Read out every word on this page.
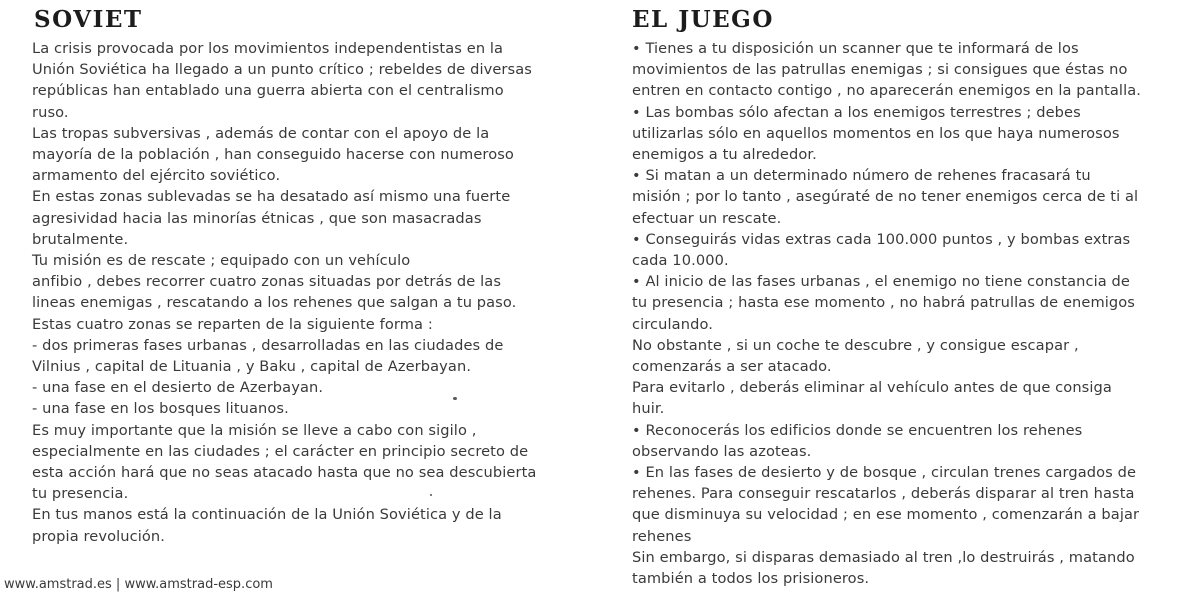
SOVIET
La crisis provocada por los movimientos independentistas en la
Unión Soviética ha llegado a un punto crítico ; rebeldes de diversas
repúblicas han entablado una guerra abierta con el centralismo
ruso.
Las tropas subversivas , además de contar con el apoyo de la
mayoría de la población , han conseguido hacerse con numeroso
armamento del ejército soviético.
En estas zonas sublevadas se ha desatado así mismo una fuerte
agresividad hacia las minorías étnicas , que son masacradas
brutalmente.
Tu misión es de rescate ; equipado con un vehículo
anfibio , debes recorrer cuatro zonas situadas por detrás de las
lineas enemigas , rescatando a los rehenes que salgan a tu paso.
Estas cuatro zonas se reparten de la siguiente forma :
- dos primeras fases urbanas , desarrolladas en las ciudades de
Vilnius , capital de Lituania , y Baku , capital de Azerbayan.
- una fase en el desierto de Azerbayan.
- una fase en los bosques lituanos.
Es muy importante que la misión se lleve a cabo con sigilo ,
especialmente en las ciudades ; el carácter en principio secreto de
esta acción hará que no seas atacado hasta que no sea descubierta
tu presencia.
En tus manos está la continuación de la Unión Soviética y de la
propia revolución.
EL JUEGO
• Tienes a tu disposición un scanner que te informará de los
movimientos de las patrullas enemigas ; si consigues que éstas no
entren en contacto contigo , no aparecerán enemigos en la pantalla.
• Las bombas sólo afectan a los enemigos terrestres ; debes
utilizarlas sólo en aquellos momentos en los que haya numerosos
enemigos a tu alrededor.
• Si matan a un determinado número de rehenes fracasará tu
misión ; por lo tanto , asegúraté de no tener enemigos cerca de ti al
efectuar un rescate.
• Conseguirás vidas extras cada 100.000 puntos , y bombas extras
cada 10.000.
• Al inicio de las fases urbanas , el enemigo no tiene constancia de
tu presencia ; hasta ese momento , no habrá patrullas de enemigos
circulando.
No obstante , si un coche te descubre , y consigue escapar ,
comenzarás a ser atacado.
Para evitarlo , deberás eliminar al vehículo antes de que consiga
huir.
• Reconocerás los edificios donde se encuentren los rehenes
observando las azoteas.
• En las fases de desierto y de bosque , circulan trenes cargados de
rehenes. Para conseguir rescatarlos , deberás disparar al tren hasta
que disminuya su velocidad ; en ese momento , comenzarán a bajar
rehenes
Sin embargo, si disparas demasiado al tren ,lo destruirás , matando
también a todos los prisioneros.
www.amstrad.es | www.amstrad-esp.com
